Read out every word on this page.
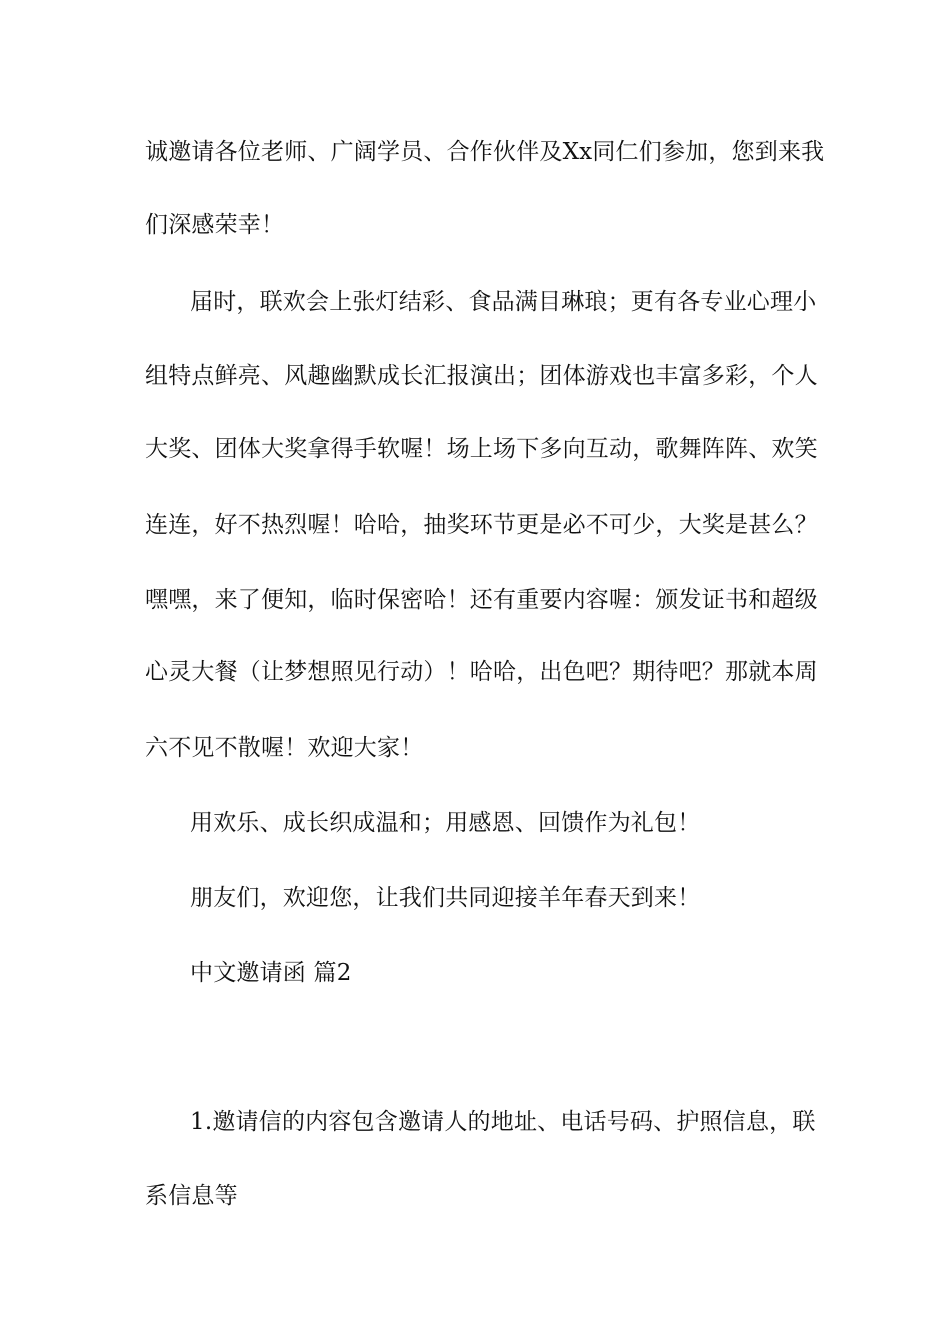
诚邀请各位老师、广阔学员、合作伙伴及Xx同仁们参加，您到来我
们深感荣幸！
届时，联欢会上张灯结彩、食品满目琳琅；更有各专业心理小
组特点鲜亮、风趣幽默成长汇报演出；团体游戏也丰富多彩，个人
大奖、团体大奖拿得手软喔！场上场下多向互动，歌舞阵阵、欢笑
连连，好不热烈喔！哈哈，抽奖环节更是必不可少，大奖是甚么？
嘿嘿，来了便知，临时保密哈！还有重要内容喔：颁发证书和超级
心灵大餐（让梦想照见行动）！哈哈，出色吧？期待吧？那就本周
六不见不散喔！欢迎大家！
用欢乐、成长织成温和；用感恩、回馈作为礼包！
朋友们，欢迎您，让我们共同迎接羊年春天到来！
中文邀请函 篇2
1.邀请信的内容包含邀请人的地址、电话号码、护照信息，联
系信息等
